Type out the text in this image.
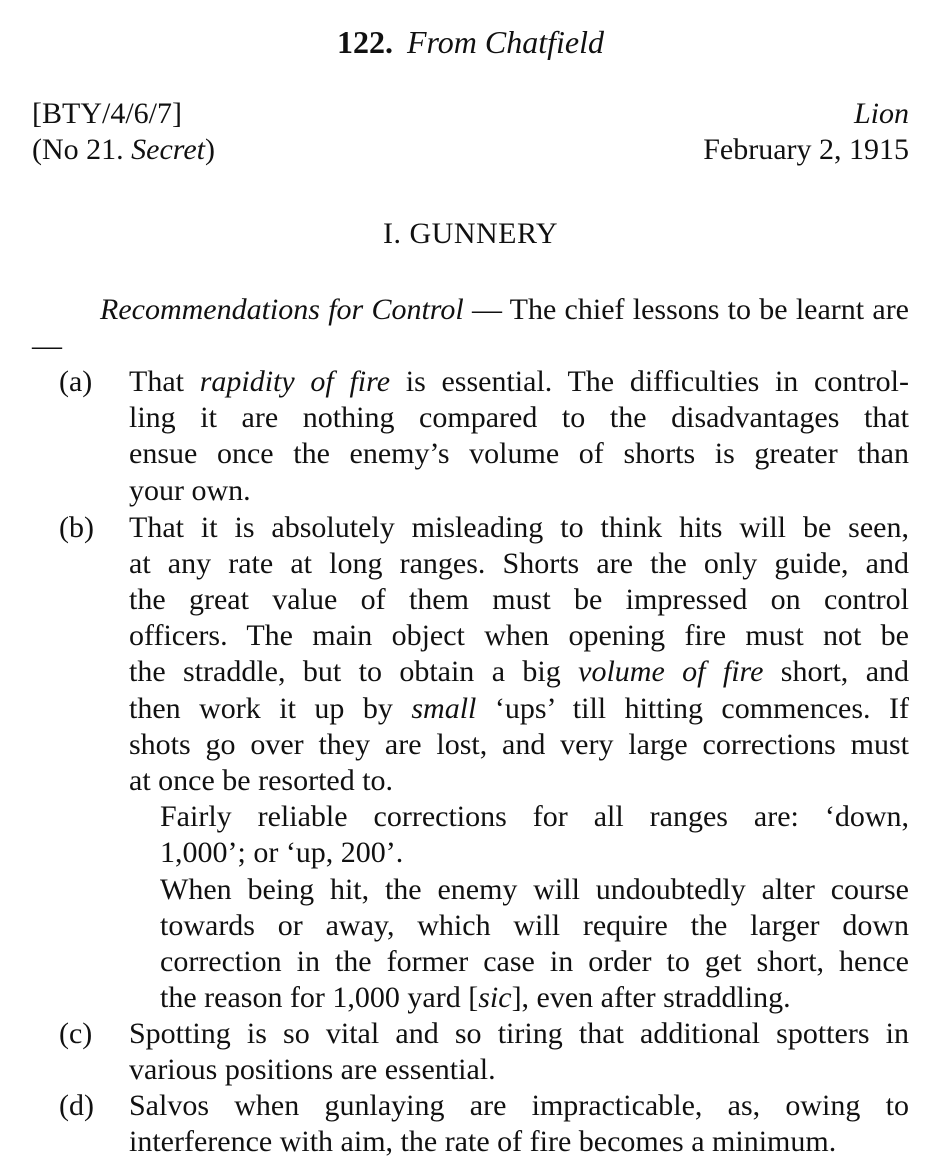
122. From Chatfield
[BTY/4/6/7]
(No 21. Secret)
Lion
February 2, 1915
I. GUNNERY
Recommendations for Control — The chief lessons to be learnt are—
(a)	That rapidity of fire is essential. The difficulties in control-
ling it are nothing compared to the disadvantages that
ensue once the enemy’s volume of shorts is greater than
your own.
(b)	That it is absolutely misleading to think hits will be seen,
at any rate at long ranges. Shorts are the only guide, and
the great value of them must be impressed on control
officers. The main object when opening fire must not be
the straddle, but to obtain a big volume of fire short, and
then work it up by small ‘ups’ till hitting commences. If
shots go over they are lost, and very large corrections must
at once be resorted to.
Fairly reliable corrections for all ranges are: ‘down,
1,000’; or ‘up, 200’.
When being hit, the enemy will undoubtedly alter course
towards or away, which will require the larger down
correction in the former case in order to get short, hence
the reason for 1,000 yard [sic], even after straddling.
(c)	Spotting is so vital and so tiring that additional spotters in
various positions are essential.
(d)	Salvos when gunlaying are impracticable, as, owing to
interference with aim, the rate of fire becomes a minimum.
